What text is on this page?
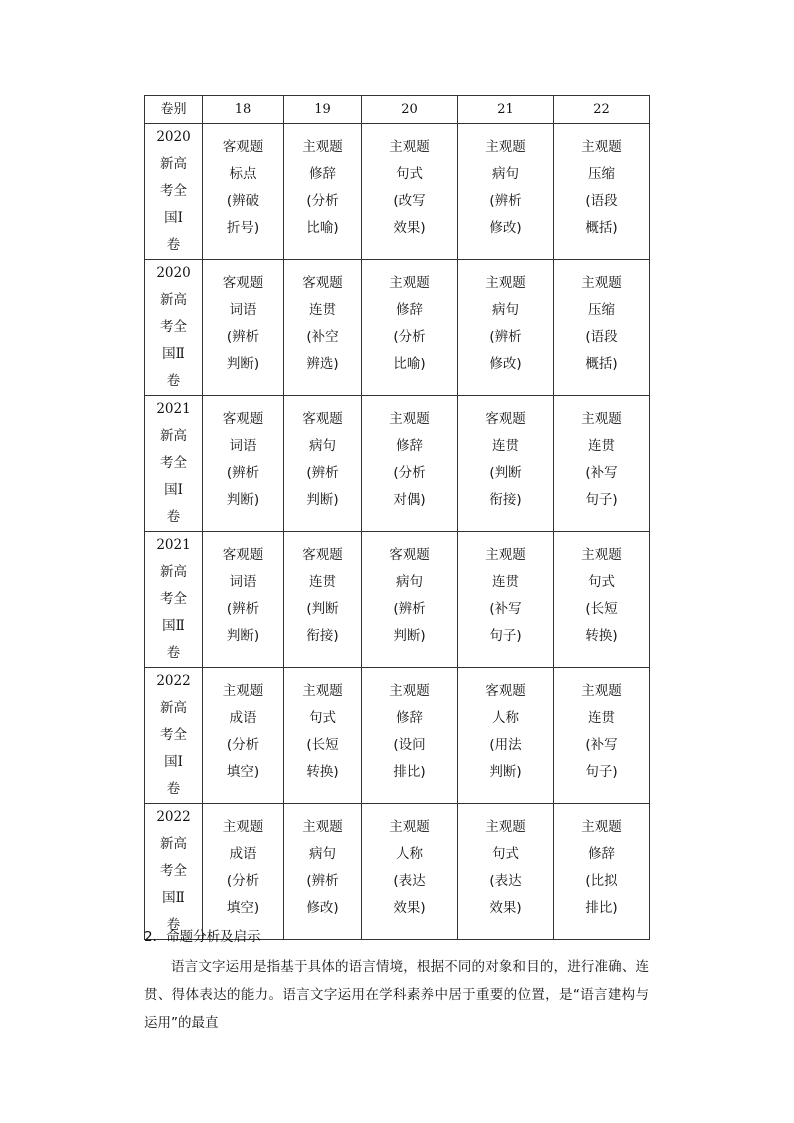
卷别	18	19	20	21	22

2020
新高
考全
国Ⅰ
卷	客观题
标点
(辨破
折号)	主观题
修辞
(分析
比喻)	主观题
句式
(改写
效果)	主观题
病句
(辨析
修改)	主观题
压缩
(语段
概括)

2020
新高
考全
国Ⅱ
卷	客观题
词语
(辨析
判断)	客观题
连贯
(补空
辨选)	主观题
修辞
(分析
比喻)	主观题
病句
(辨析
修改)	主观题
压缩
(语段
概括)

2021
新高
考全
国Ⅰ
卷	客观题
词语
(辨析
判断)	客观题
病句
(辨析
判断)	主观题
修辞
(分析
对偶)	客观题
连贯
(判断
衔接)	主观题
连贯
(补写
句子)

2021
新高
考全
国Ⅱ
卷	客观题
词语
(辨析
判断)	客观题
连贯
(判断
衔接)	客观题
病句
(辨析
判断)	主观题
连贯
(补写
句子)	主观题
句式
(长短
转换)

2022
新高
考全
国Ⅰ
卷	主观题
成语
(分析
填空)	主观题
句式
(长短
转换)	主观题
修辞
(设问
排比)	客观题
人称
(用法
判断)	主观题
连贯
(补写
句子)

2022
新高
考全
国Ⅱ
卷	主观题
成语
(分析
填空)	主观题
病句
(辨析
修改)	主观题
人称
(表达
效果)	主观题
句式
(表达
效果)	主观题
修辞
(比拟
排比)
2．命题分析及启示

语言文字运用是指基于具体的语言情境，根据不同的对象和目的，进行准确、连贯、得体表达的能力。语言文字运用在学科素养中居于重要的位置，是“语言建构与运用”的最直
